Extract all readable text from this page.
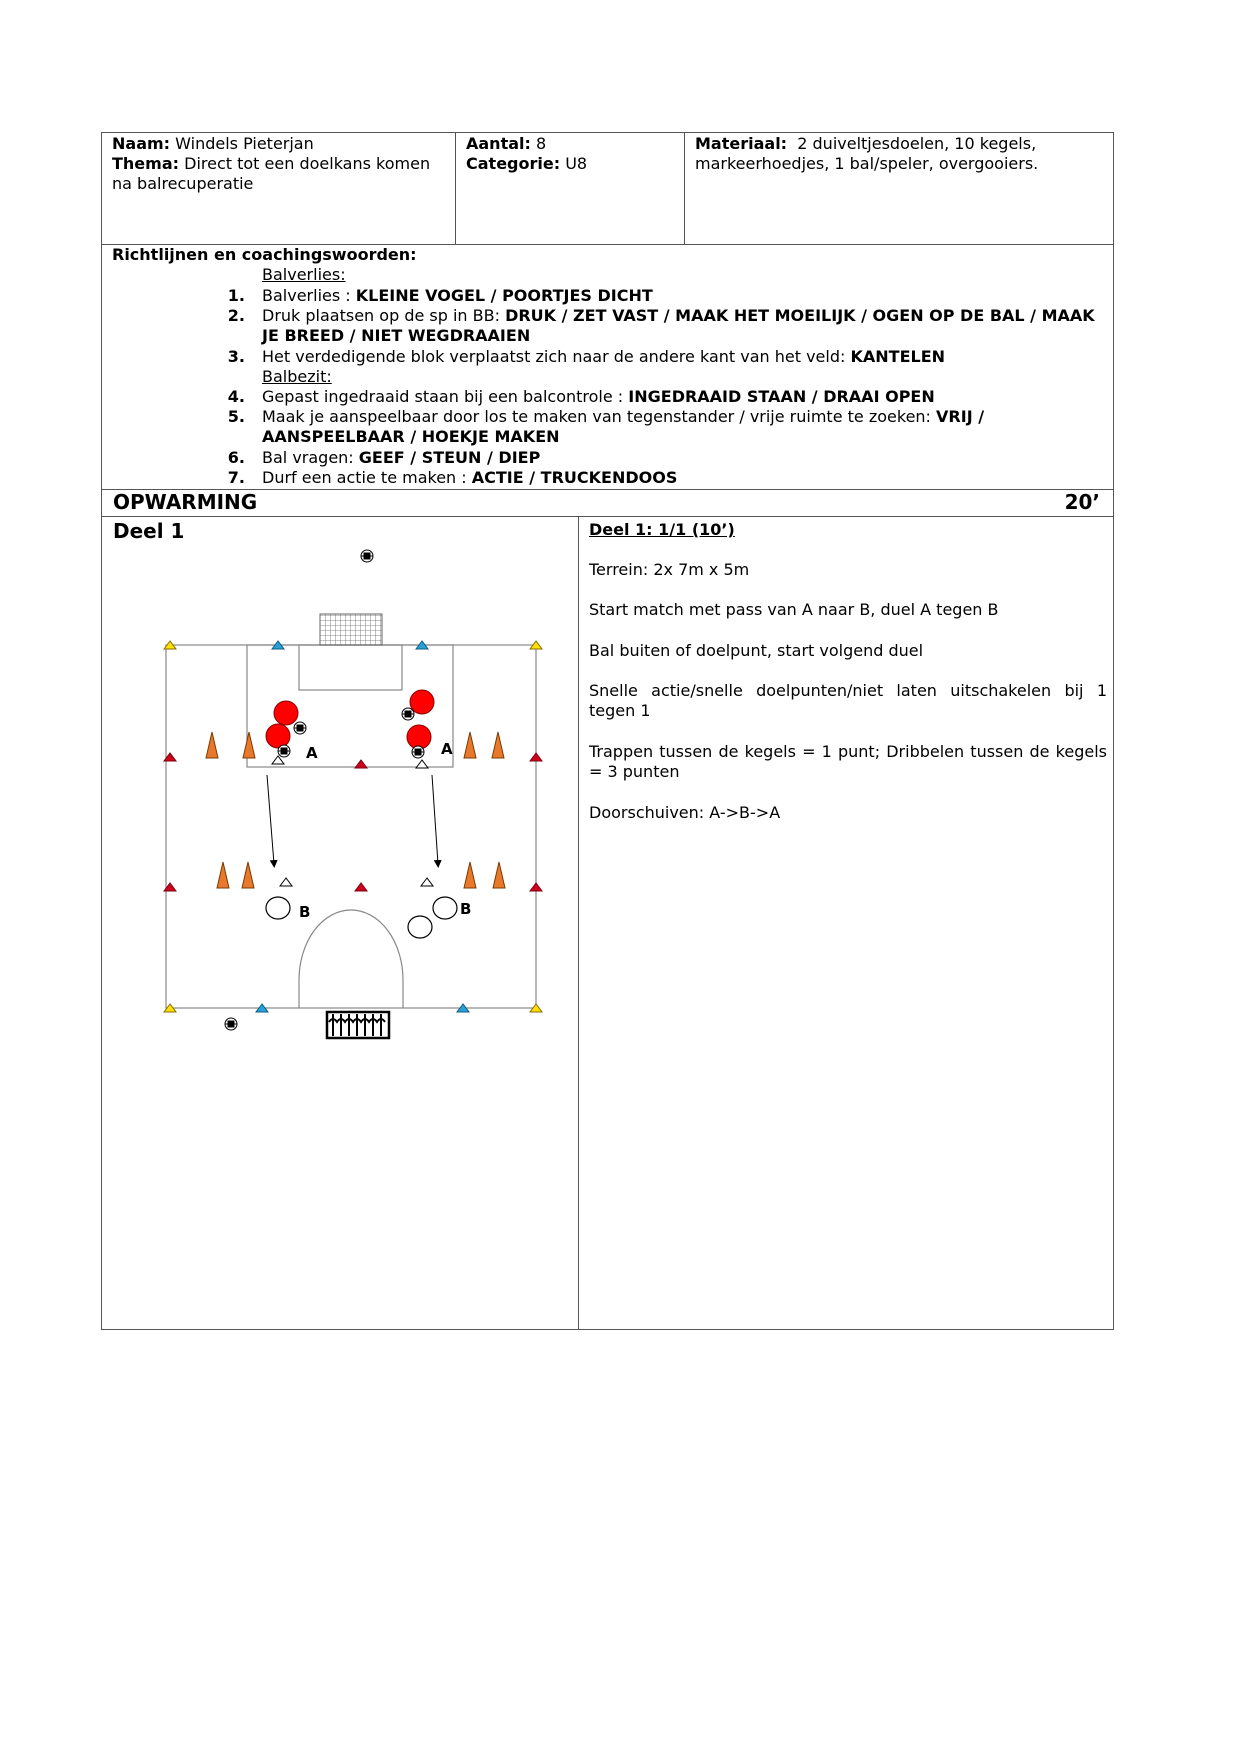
Naam: Windels Pieterjan
Thema: Direct tot een doelkans komen na balrecuperatie
Aantal: 8
Categorie: U8
Materiaal: 2 duiveltjesdoelen, 10 kegels, markeerhoedjes, 1 bal/speler, overgooiers.
Richtlijnen en coachingswoorden:
Balverlies:
1. Balverlies : KLEINE VOGEL / POORTJES DICHT
2. Druk plaatsen op de sp in BB: DRUK / ZET VAST / MAAK HET MOEILIJK / OGEN OP DE BAL / MAAK JE BREED / NIET WEGDRAAIEN
3. Het verdedigende blok verplaatst zich naar de andere kant van het veld: KANTELEN
Balbezit:
4. Gepast ingedraaid staan bij een balcontrole : INGEDRAAID STAAN / DRAAI OPEN
5. Maak je aanspeelbaar door los te maken van tegenstander / vrije ruimte te zoeken: VRIJ / AANSPEELBAAR / HOEKJE MAKEN
6. Bal vragen: GEEF / STEUN / DIEP
7. Durf een actie te maken : ACTIE / TRUCKENDOOS
OPWARMING	20’
Deel 1
A	A
B	B
Deel 1: 1/1 (10’)
Terrein: 2x 7m x 5m
Start match met pass van A naar B, duel A tegen B
Bal buiten of doelpunt, start volgend duel
Snelle actie/snelle doelpunten/niet laten uitschakelen bij 1 tegen 1
Trappen tussen de kegels = 1 punt; Dribbelen tussen de kegels = 3 punten
Doorschuiven: A->B->A
